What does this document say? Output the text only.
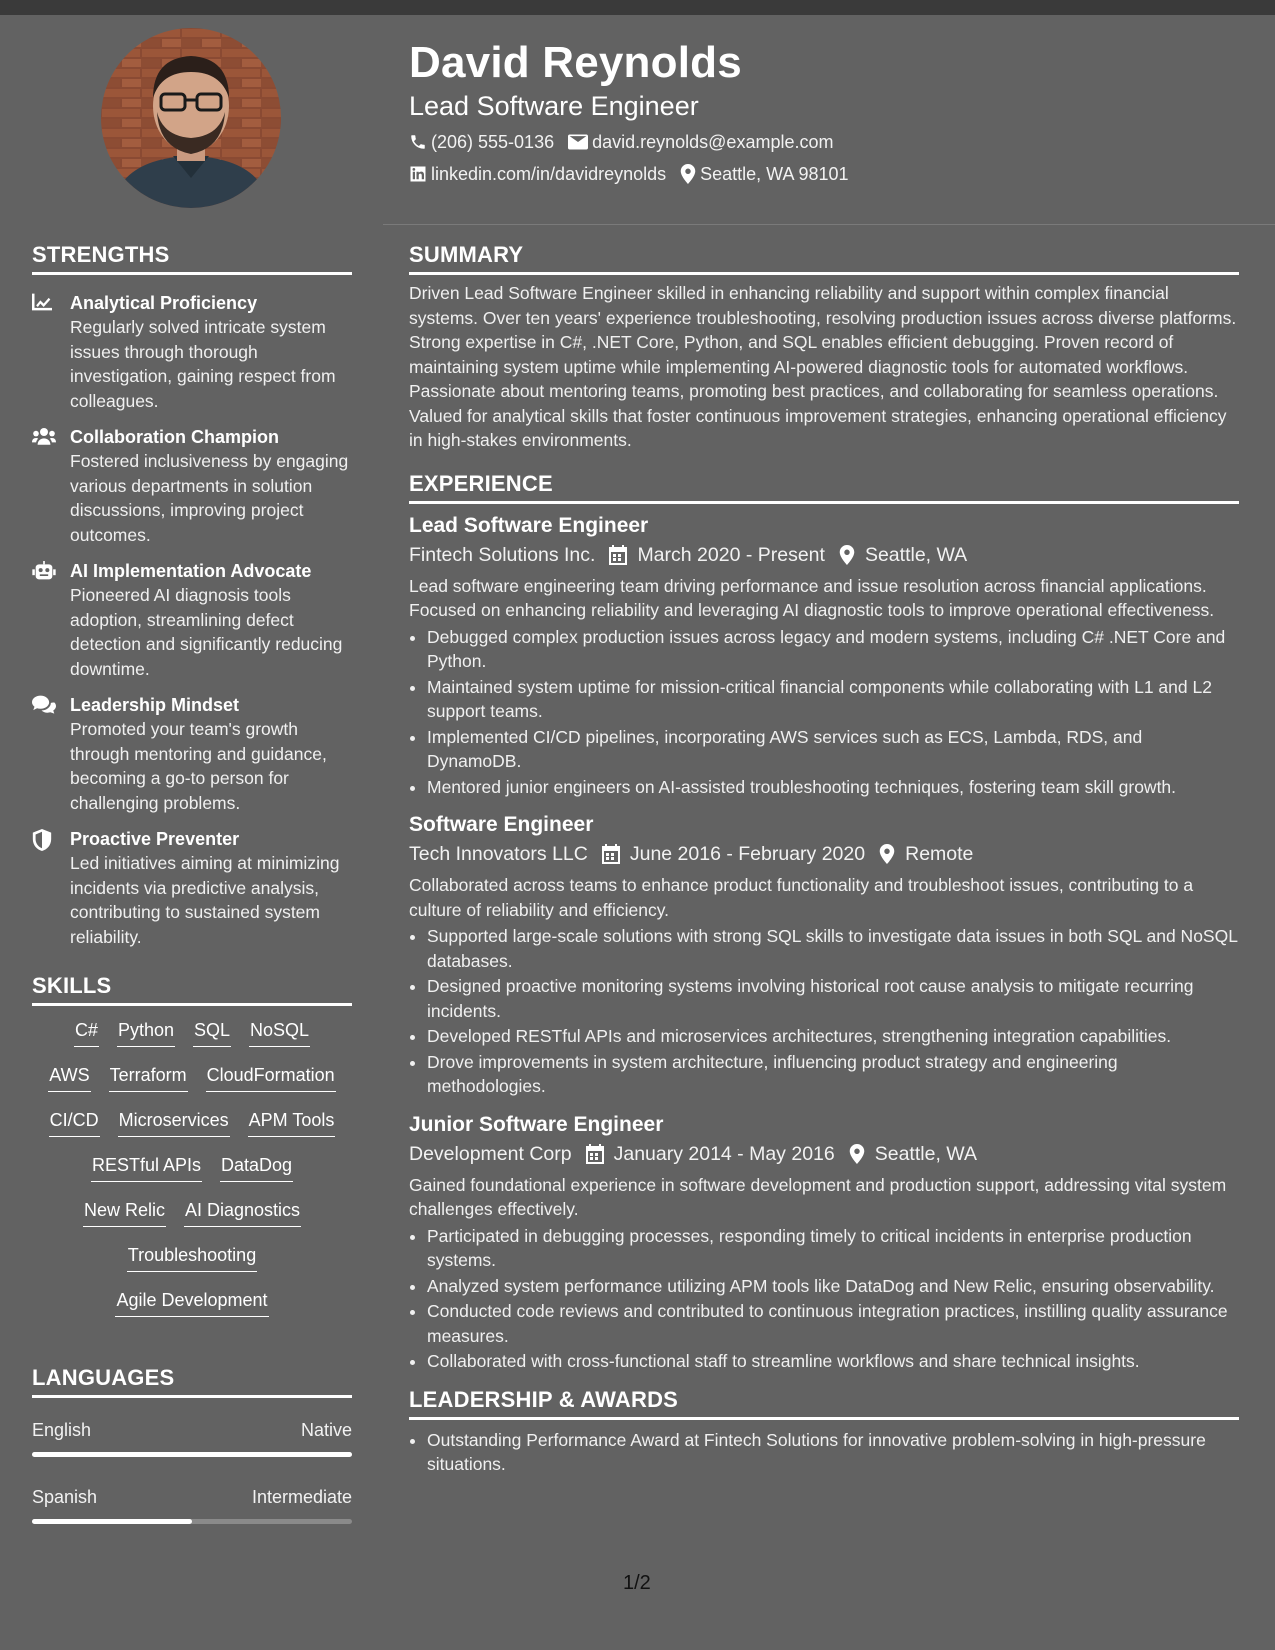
David Reynolds
Lead Software Engineer
(206) 555-0136 david.reynolds@example.com
linkedin.com/in/davidreynolds Seattle, WA 98101
STRENGTHS
Analytical Proficiency
Regularly solved intricate system issues through thorough investigation, gaining respect from colleagues.
Collaboration Champion
Fostered inclusiveness by engaging various departments in solution discussions, improving project outcomes.
AI Implementation Advocate
Pioneered AI diagnosis tools adoption, streamlining defect detection and significantly reducing downtime.
Leadership Mindset
Promoted your team's growth through mentoring and guidance, becoming a go-to person for challenging problems.
Proactive Preventer
Led initiatives aiming at minimizing incidents via predictive analysis, contributing to sustained system reliability.
SKILLS
C# Python SQL NoSQL
AWS Terraform CloudFormation
CI/CD Microservices APM Tools
RESTful APIs DataDog
New Relic AI Diagnostics
Troubleshooting
Agile Development
LANGUAGES
English	Native
Spanish	Intermediate
SUMMARY
Driven Lead Software Engineer skilled in enhancing reliability and support within complex financial systems. Over ten years' experience troubleshooting, resolving production issues across diverse platforms. Strong expertise in C#, .NET Core, Python, and SQL enables efficient debugging. Proven record of maintaining system uptime while implementing AI-powered diagnostic tools for automated workflows. Passionate about mentoring teams, promoting best practices, and collaborating for seamless operations. Valued for analytical skills that foster continuous improvement strategies, enhancing operational efficiency in high-stakes environments.
EXPERIENCE
Lead Software Engineer
Fintech Solutions Inc. March 2020 - Present Seattle, WA
Lead software engineering team driving performance and issue resolution across financial applications. Focused on enhancing reliability and leveraging AI diagnostic tools to improve operational effectiveness.
• Debugged complex production issues across legacy and modern systems, including C# .NET Core and Python.
• Maintained system uptime for mission-critical financial components while collaborating with L1 and L2 support teams.
• Implemented CI/CD pipelines, incorporating AWS services such as ECS, Lambda, RDS, and DynamoDB.
• Mentored junior engineers on AI-assisted troubleshooting techniques, fostering team skill growth.
Software Engineer
Tech Innovators LLC June 2016 - February 2020 Remote
Collaborated across teams to enhance product functionality and troubleshoot issues, contributing to a culture of reliability and efficiency.
• Supported large-scale solutions with strong SQL skills to investigate data issues in both SQL and NoSQL databases.
• Designed proactive monitoring systems involving historical root cause analysis to mitigate recurring incidents.
• Developed RESTful APIs and microservices architectures, strengthening integration capabilities.
• Drove improvements in system architecture, influencing product strategy and engineering methodologies.
Junior Software Engineer
Development Corp January 2014 - May 2016 Seattle, WA
Gained foundational experience in software development and production support, addressing vital system challenges effectively.
• Participated in debugging processes, responding timely to critical incidents in enterprise production systems.
• Analyzed system performance utilizing APM tools like DataDog and New Relic, ensuring observability.
• Conducted code reviews and contributed to continuous integration practices, instilling quality assurance measures.
• Collaborated with cross-functional staff to streamline workflows and share technical insights.
LEADERSHIP & AWARDS
• Outstanding Performance Award at Fintech Solutions for innovative problem-solving in high-pressure situations.
1/2
